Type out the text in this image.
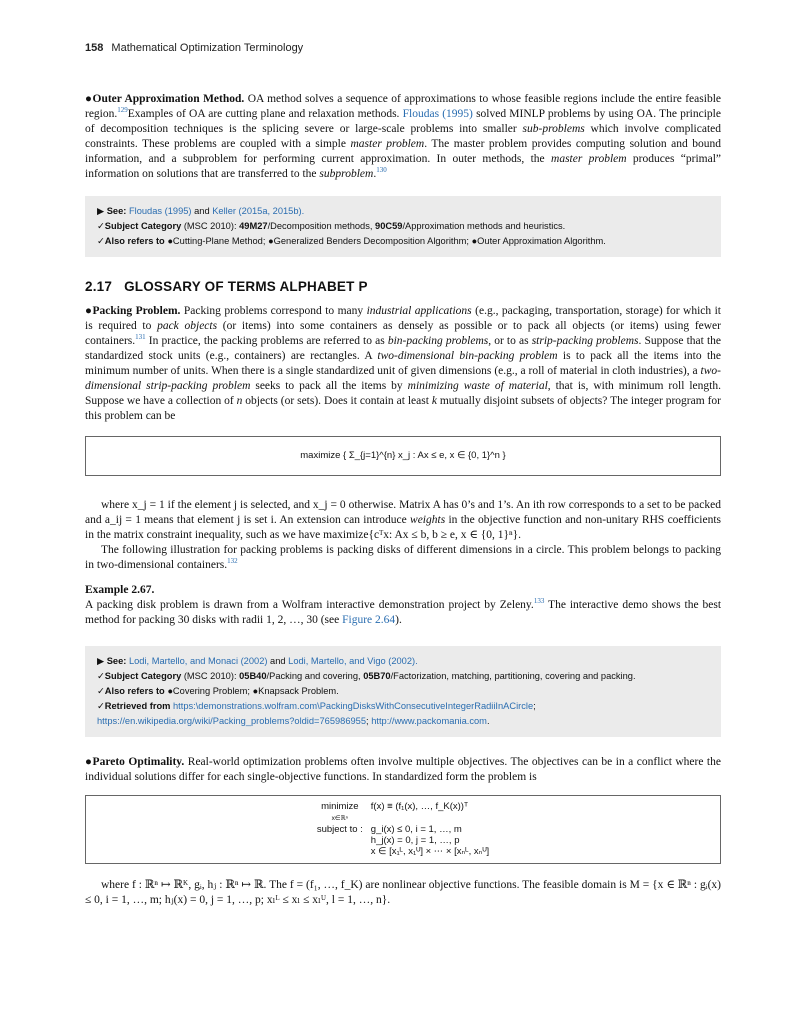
158 Mathematical Optimization Terminology

●Outer Approximation Method. OA method solves a sequence of approximations to whose feasible regions include the entire feasible region.$^{129}$Examples of OA are cutting plane and relaxation methods. Floudas (1995) solved MINLP problems by using OA. The principle of decomposition techniques is the splicing severe or large-scale problems into smaller sub-problems which involve complicated constraints. These problems are coupled with a simple master problem. The master problem provides computing solution and bound information, and a subproblem for performing current approximation. In outer methods, the master problem produces “primal” information on solutions that are transferred to the subproblem.$^{130}$

▶ See: Floudas (1995) and Keller (2015a, 2015b).
✓Subject Category (MSC 2010): 49M27/Decomposition methods, 90C59/Approximation methods and heuristics.
✓Also refers to ●Cutting-Plane Method; ●Generalized Benders Decomposition Algorithm; ●Outer Approximation Algorithm.
2.17 GLOSSARY OF TERMS ALPHABET P

●Packing Problem. Packing problems correspond to many industrial applications (e.g., packaging, transportation, storage) for which it is required to pack objects (or items) into some containers as densely as possible or to pack all objects (or items) using fewer containers.$^{131}$ In practice, the packing problems are referred to as bin-packing problems, or to as strip-packing problems. Suppose that the standardized stock units (e.g., containers) are rectangles. A two-dimensional bin-packing problem is to pack all the items into the minimum number of units. When there is a single standardized unit of given dimensions (e.g., a roll of material in cloth industries), a two-dimensional strip-packing problem seeks to pack all the items by minimizing waste of material, that is, with minimum roll length. Suppose we have a collection of n objects (or sets). Does it contain at least k mutually disjoint subsets of objects? The integer program for this problem can be

maximize { Σ_{j=1}^{n} x_j : Ax ≤ e, x ∈ {0, 1}^n }

where x_j = 1 if the element j is selected, and x_j = 0 otherwise. Matrix A has 0’s and 1’s. An ith row corresponds to a set to be packed and a_ij = 1 means that element j is set i. An extension can introduce weights in the objective function and non-unitary RHS coefficients in the matrix constraint inequality, such as we have maximize{cᵀx: Ax ≤ b, b ≥ e, x ∈ {0, 1}ⁿ}.

The following illustration for packing problems is packing disks of different dimensions in a circle. This problem belongs to packing in two-dimensional containers.$^{132}$

Example 2.67.

A packing disk problem is drawn from a Wolfram interactive demonstration project by Zeleny.$^{133}$ The interactive demo shows the best method for packing 30 disks with radii 1, 2, …, 30 (see Figure 2.64).

▶ See: Lodi, Martello, and Monaci (2002) and Lodi, Martello, and Vigo (2002).
✓Subject Category (MSC 2010): 05B40/Packing and covering, 05B70/Factorization, matching, partitioning, covering and packing.
✓Also refers to ●Covering Problem; ●Knapsack Problem.
✓Retrieved from https:\demonstrations.wolfram.com\PackingDisksWithConsecutiveIntegerRadiiInACircle; https://en.wikipedia.org/wiki/Packing_problems?oldid=765986955; http://www.packomania.com.

●Pareto Optimality. Real-world optimization problems often involve multiple objectives. The objectives can be in a conflict where the individual solutions differ for each single-objective functions. In standardized form the problem is

minimize
x∈ℝⁿ	f(x) ≡ (f₁(x), …, f_K(x))ᵀ
subject to :	g_i(x) ≤ 0, i = 1, …, m
	h_j(x) = 0, j = 1, …, p
	x ∈ [x₁ᴸ, x₁ᵁ] × ⋯ × [xₙᴸ, xₙᵁ]

where f : ℝⁿ ↦ ℝᴷ, gᵢ, hⱼ : ℝⁿ ↦ ℝ. The f = (f₁, …, f_K) are nonlinear objective functions. The feasible domain is M = {x ∈ ℝⁿ : gᵢ(x) ≤ 0, i = 1, …, m; hⱼ(x) = 0, j = 1, …, p; xₗᴸ ≤ xₗ ≤ xₗᵁ, l = 1, …, n}.
